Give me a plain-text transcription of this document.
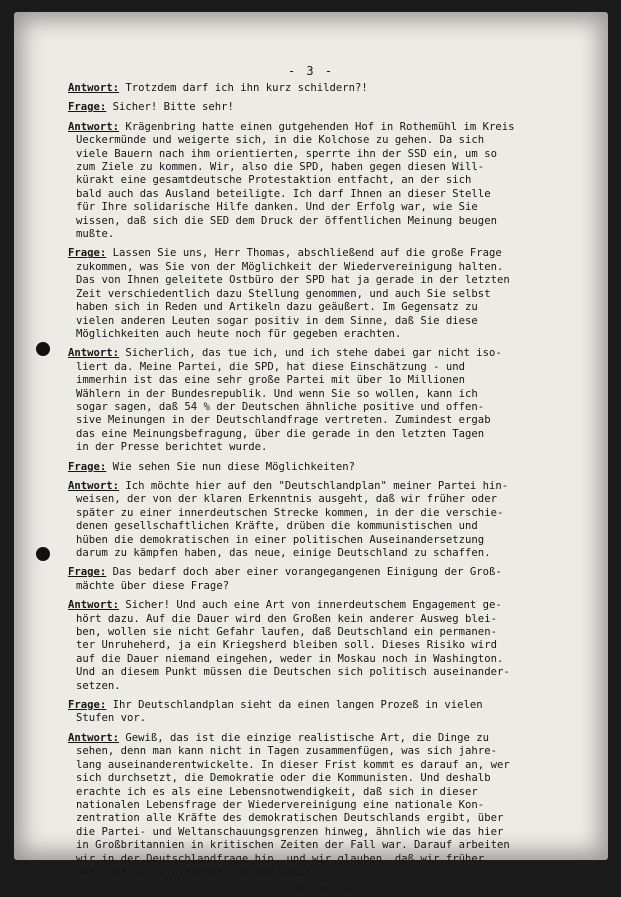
- 3 -
Antwort: Trotzdem darf ich ihn kurz schildern?!
Frage: Sicher! Bitte sehr!
Antwort: Krägenbring hatte einen gutgehenden Hof in Rothemühl im Kreis
Ueckermünde und weigerte sich, in die Kolchose zu gehen. Da sich
viele Bauern nach ihm orientierten, sperrte ihn der SSD ein, um so
zum Ziele zu kommen. Wir, also die SPD, haben gegen diesen Will-
kürakt eine gesamtdeutsche Protestaktion entfacht, an der sich
bald auch das Ausland beteiligte. Ich darf Ihnen an dieser Stelle
für Ihre solidarische Hilfe danken. Und der Erfolg war, wie Sie
wissen, daß sich die SED dem Druck der öffentlichen Meinung beugen
mußte.
Frage: Lassen Sie uns, Herr Thomas, abschließend auf die große Frage
zukommen, was Sie von der Möglichkeit der Wiedervereinigung halten.
Das von Ihnen geleitete Ostbüro der SPD hat ja gerade in der letzten
Zeit verschiedentlich dazu Stellung genommen, und auch Sie selbst
haben sich in Reden und Artikeln dazu geäußert. Im Gegensatz zu
vielen anderen Leuten sogar positiv in dem Sinne, daß Sie diese
Möglichkeiten auch heute noch für gegeben erachten.
Antwort: Sicherlich, das tue ich, und ich stehe dabei gar nicht iso-
liert da. Meine Partei, die SPD, hat diese Einschätzung - und
immerhin ist das eine sehr große Partei mit über 1o Millionen
Wählern in der Bundesrepublik. Und wenn Sie so wollen, kann ich
sogar sagen, daß 54 % der Deutschen ähnliche positive und offen-
sive Meinungen in der Deutschlandfrage vertreten. Zumindest ergab
das eine Meinungsbefragung, über die gerade in den letzten Tagen
in der Presse berichtet wurde.
Frage: Wie sehen Sie nun diese Möglichkeiten?
Antwort: Ich möchte hier auf den "Deutschlandplan" meiner Partei hin-
weisen, der von der klaren Erkenntnis ausgeht, daß wir früher oder
später zu einer innerdeutschen Strecke kommen, in der die verschie-
denen gesellschaftlichen Kräfte, drüben die kommunistischen und
hüben die demokratischen in einer politischen Auseinandersetzung
darum zu kämpfen haben, das neue, einige Deutschland zu schaffen.
Frage: Das bedarf doch aber einer vorangegangenen Einigung der Groß-
mächte über diese Frage?
Antwort: Sicher! Und auch eine Art von innerdeutschem Engagement ge-
hört dazu. Auf die Dauer wird den Großen kein anderer Ausweg blei-
ben, wollen sie nicht Gefahr laufen, daß Deutschland ein permanen-
ter Unruheherd, ja ein Kriegsherd bleiben soll. Dieses Risiko wird
auf die Dauer niemand eingehen, weder in Moskau noch in Washington.
Und an diesem Punkt müssen die Deutschen sich politisch auseinander-
setzen.
Frage: Ihr Deutschlandplan sieht da einen langen Prozeß in vielen
Stufen vor.
Antwort: Gewiß, das ist die einzige realistische Art, die Dinge zu
sehen, denn man kann nicht in Tagen zusammenfügen, was sich jahre-
lang auseinanderentwickelte. In dieser Frist kommt es darauf an, wer
sich durchsetzt, die Demokratie oder die Kommunisten. Und deshalb
erachte ich es als eine Lebensnotwendigkeit, daß sich in dieser
nationalen Lebensfrage der Wiedervereinigung eine nationale Kon-
zentration alle Kräfte des demokratischen Deutschlands ergibt, über
die Partei- und Weltanschauungsgrenzen hinweg, ähnlich wie das hier
in Großbritannien in kritischen Zeiten der Fall war. Darauf arbeiten
wir in der Deutschlandfrage hin, und wir glauben, daß wir früher
oder später Erfolg haben werden damit.
* * *
